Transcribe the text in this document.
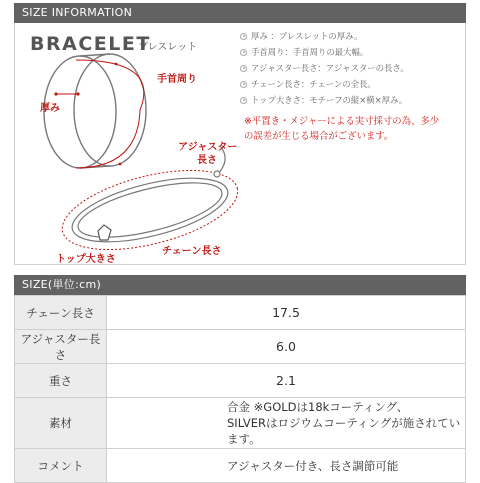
SIZE INFORMATION
BRACELET
ブレスレット
厚み
手首周り
アジャスター
長さ
トップ大きさ
チェーン長さ
厚み ：ブレスレットの厚み。
手首周り：手首周りの最大幅。
アジャスター長さ：アジャスターの長さ。
チェーン長さ：チェーンの全長。
トップ大きさ：モチーフの縦×横×厚み。
※平置き・メジャーによる実寸採寸の為、多少
の誤差が生じる場合がございます。
SIZE(単位:cm)
チェーン長さ	17.5
アジャスター長さ	6.0
重さ	2.1
素材	合金 ※GOLDは18kコーティング、
SILVERはロジウムコーティングが施されています。

コメント	アジャスター付き、長さ調節可能
